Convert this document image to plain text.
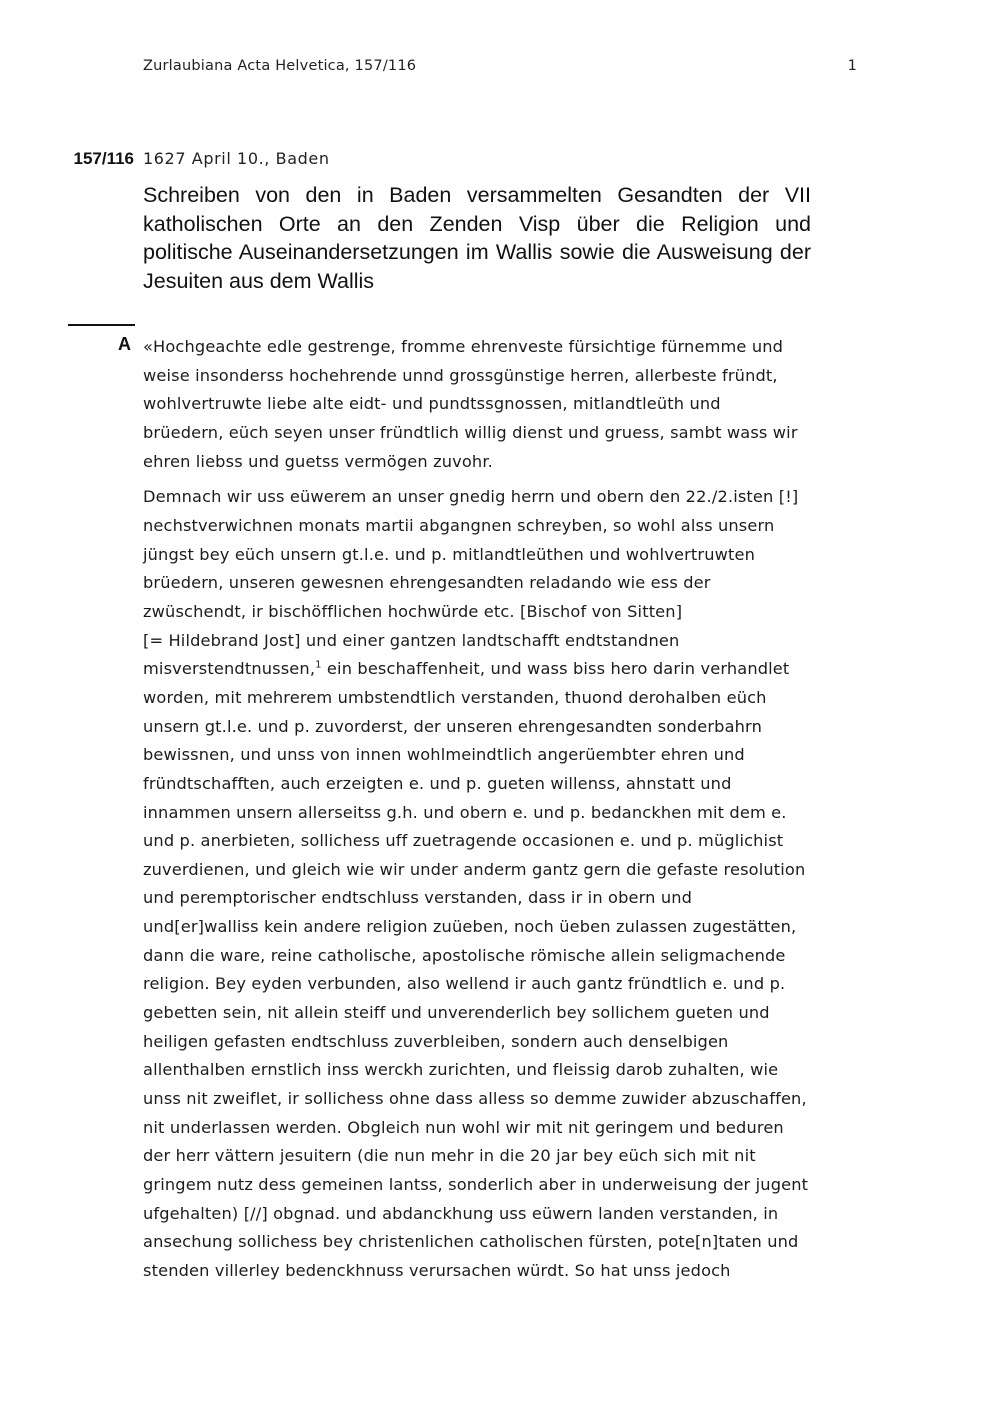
Zurlaubiana Acta Helvetica, 157/116	1
157/116 1627 April 10., Baden
Schreiben von den in Baden versammelten Gesandten der VII katholischen Orte an den Zenden Visp über die Religion und politische Auseinandersetzungen im Wallis sowie die Ausweisung der Jesuiten aus dem Wallis
A «Hochgeachte edle gestrenge, fromme ehrenveste fürsichtige fürnemme und
weise insonderss hochehrende unnd grossgünstige herren, allerbeste fründt,
wohlvertruwte liebe alte eidt- und pundtssgnossen, mitlandtleüth und
brüedern, eüch seyen unser fründtlich willig dienst und gruess, sambt wass wir
ehren liebss und guetss vermögen zuvohr.

Demnach wir uss eüwerem an unser gnedig herrn und obern den 22./2.isten [!]
nechstverwichnen monats martii abgangnen schreyben, so wohl alss unsern
jüngst bey eüch unsern gt.l.e. und p. mitlandtleüthen und wohlvertruwten
brüedern, unseren gewesnen ehrengesandten reladando wie ess der
zwüschendt, ir bischöfflichen hochwürde etc. [Bischof von Sitten]
[= Hildebrand Jost] und einer gantzen landtschafft endtstandnen
misverstendtnussen,$^1$ ein beschaffenheit, und wass biss hero darin verhandlet
worden, mit mehrerem umbstendtlich verstanden, thuond derohalben eüch
unsern gt.l.e. und p. zuvorderst, der unseren ehrengesandten sonderbahrn
bewissnen, und unss von innen wohlmeindtlich angerüembter ehren und
fründtschafften, auch erzeigten e. und p. gueten willenss, ahnstatt und
innammen unsern allerseitss g.h. und obern e. und p. bedanckhen mit dem e.
und p. anerbieten, sollichess uff zuetragende occasionen e. und p. müglichist
zuverdienen, und gleich wie wir under anderm gantz gern die gefaste resolution
und peremptorischer endtschluss verstanden, dass ir in obern und
und[er]walliss kein andere religion zuüeben, noch üeben zulassen zugestätten,
dann die ware, reine catholische, apostolische römische allein seligmachende
religion. Bey eyden verbunden, also wellend ir auch gantz fründtlich e. und p.
gebetten sein, nit allein steiff und unverenderlich bey sollichem gueten und
heiligen gefasten endtschluss zuverbleiben, sondern auch denselbigen
allenthalben ernstlich inss werckh zurichten, und fleissig darob zuhalten, wie
unss nit zweiflet, ir sollichess ohne dass alless so demme zuwider abzuschaffen,
nit underlassen werden. Obgleich nun wohl wir mit nit geringem und beduren
der herr vättern jesuitern (die nun mehr in die 20 jar bey eüch sich mit nit
gringem nutz dess gemeinen lantss, sonderlich aber in underweisung der jugent
ufgehalten) [//] obgnad. und abdanckhung uss eüwern landen verstanden, in
ansechung sollichess bey christenlichen catholischen fürsten, pote[n]taten und
stenden villerley bedenckhnuss verursachen würdt. So hat unss jedoch
